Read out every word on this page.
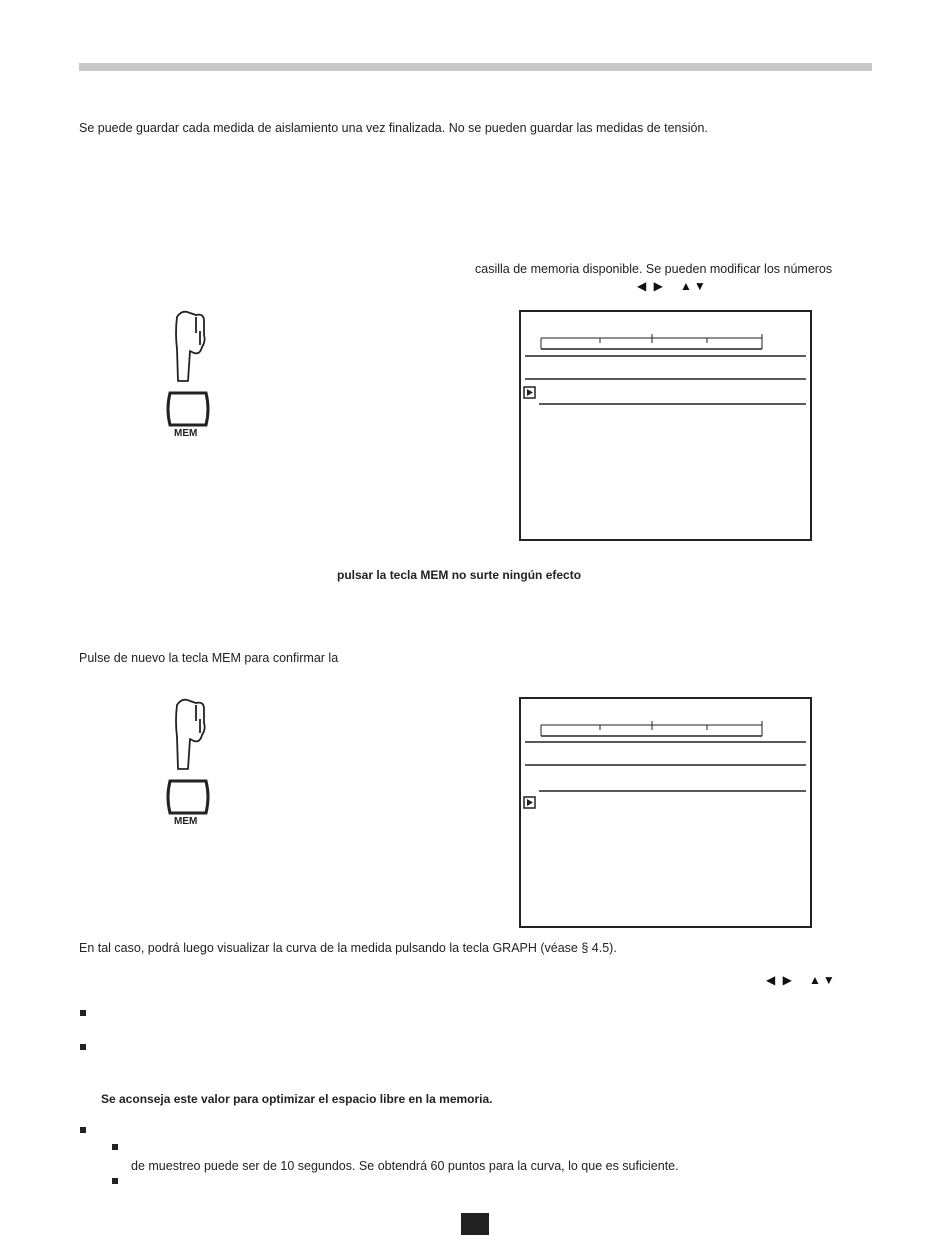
Se puede guardar cada medida de aislamiento una vez finalizada. No se pueden guardar las medidas de tensión.
casilla de memoria disponible. Se pueden modificar los números
◀ ▶ ▲▼
MEM
pulsar la tecla MEM no surte ningún efecto
Pulse de nuevo la tecla MEM para confirmar la
MEM
En tal caso, podrá luego visualizar la curva de la medida pulsando la tecla GRAPH (véase § 4.5).
◀ ▶ ▲▼
Se aconseja este valor para optimizar el espacio libre en la memoria.
de muestreo puede ser de 10 segundos. Se obtendrá 60 puntos para la curva, lo que es suficiente.
